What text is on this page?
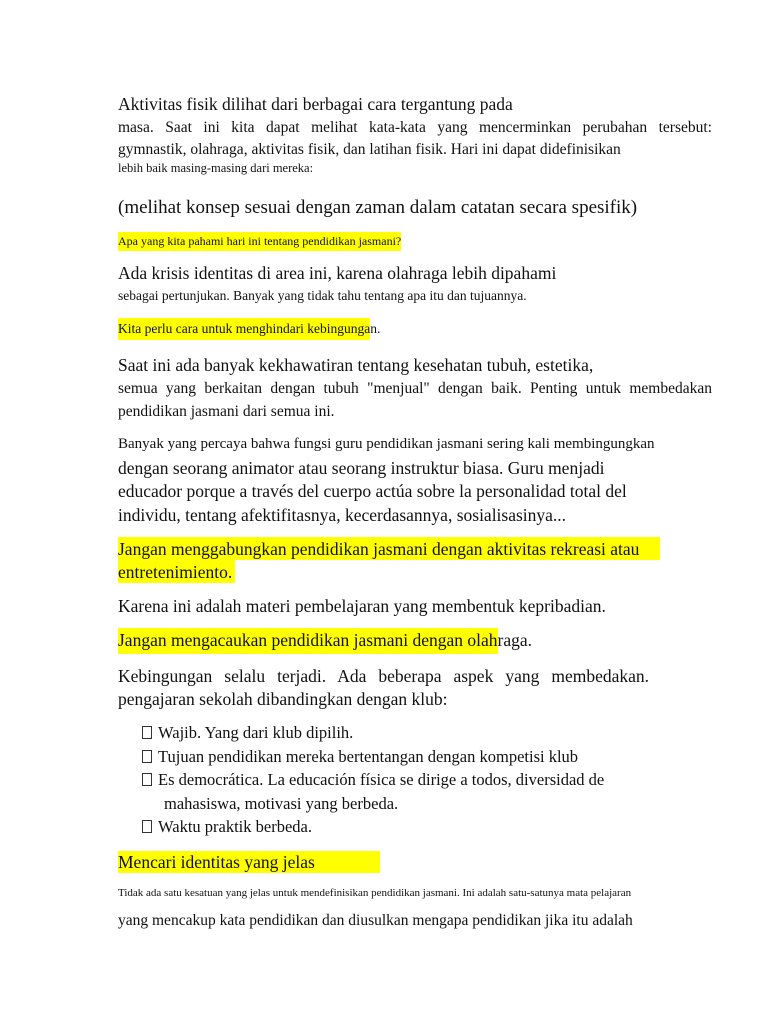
Aktivitas fisik dilihat dari berbagai cara tergantung pada
masa. Saat ini kita dapat melihat kata-kata yang mencerminkan perubahan tersebut:
gymnastik, olahraga, aktivitas fisik, dan latihan fisik. Hari ini dapat didefinisikan
lebih baik masing-masing dari mereka:
(melihat konsep sesuai dengan zaman dalam catatan secara spesifik)
Apa yang kita pahami hari ini tentang pendidikan jasmani?
Ada krisis identitas di area ini, karena olahraga lebih dipahami
sebagai pertunjukan. Banyak yang tidak tahu tentang apa itu dan tujuannya.
Kita perlu cara untuk menghindari kebingungan.
Saat ini ada banyak kekhawatiran tentang kesehatan tubuh, estetika,
semua yang berkaitan dengan tubuh "menjual" dengan baik. Penting untuk membedakan
pendidikan jasmani dari semua ini.
Banyak yang percaya bahwa fungsi guru pendidikan jasmani sering kali membingungkan
dengan seorang animator atau seorang instruktur biasa. Guru menjadi
educador porque a través del cuerpo actúa sobre la personalidad total del
individu, tentang afektifitasnya, kecerdasannya, sosialisasinya...
Jangan menggabungkan pendidikan jasmani dengan aktivitas rekreasi atau
entretenimiento.
Karena ini adalah materi pembelajaran yang membentuk kepribadian.
Jangan mengacaukan pendidikan jasmani dengan olahraga.
Kebingungan selalu terjadi. Ada beberapa aspek yang membedakan.
pengajaran sekolah dibandingkan dengan klub:
Wajib. Yang dari klub dipilih.
Tujuan pendidikan mereka bertentangan dengan kompetisi klub
Es democrática. La educación física se dirige a todos, diversidad de
mahasiswa, motivasi yang berbeda.
Waktu praktik berbeda.
Mencari identitas yang jelas
Tidak ada satu kesatuan yang jelas untuk mendefinisikan pendidikan jasmani. Ini adalah satu-satunya mata pelajaran
yang mencakup kata pendidikan dan diusulkan mengapa pendidikan jika itu adalah
